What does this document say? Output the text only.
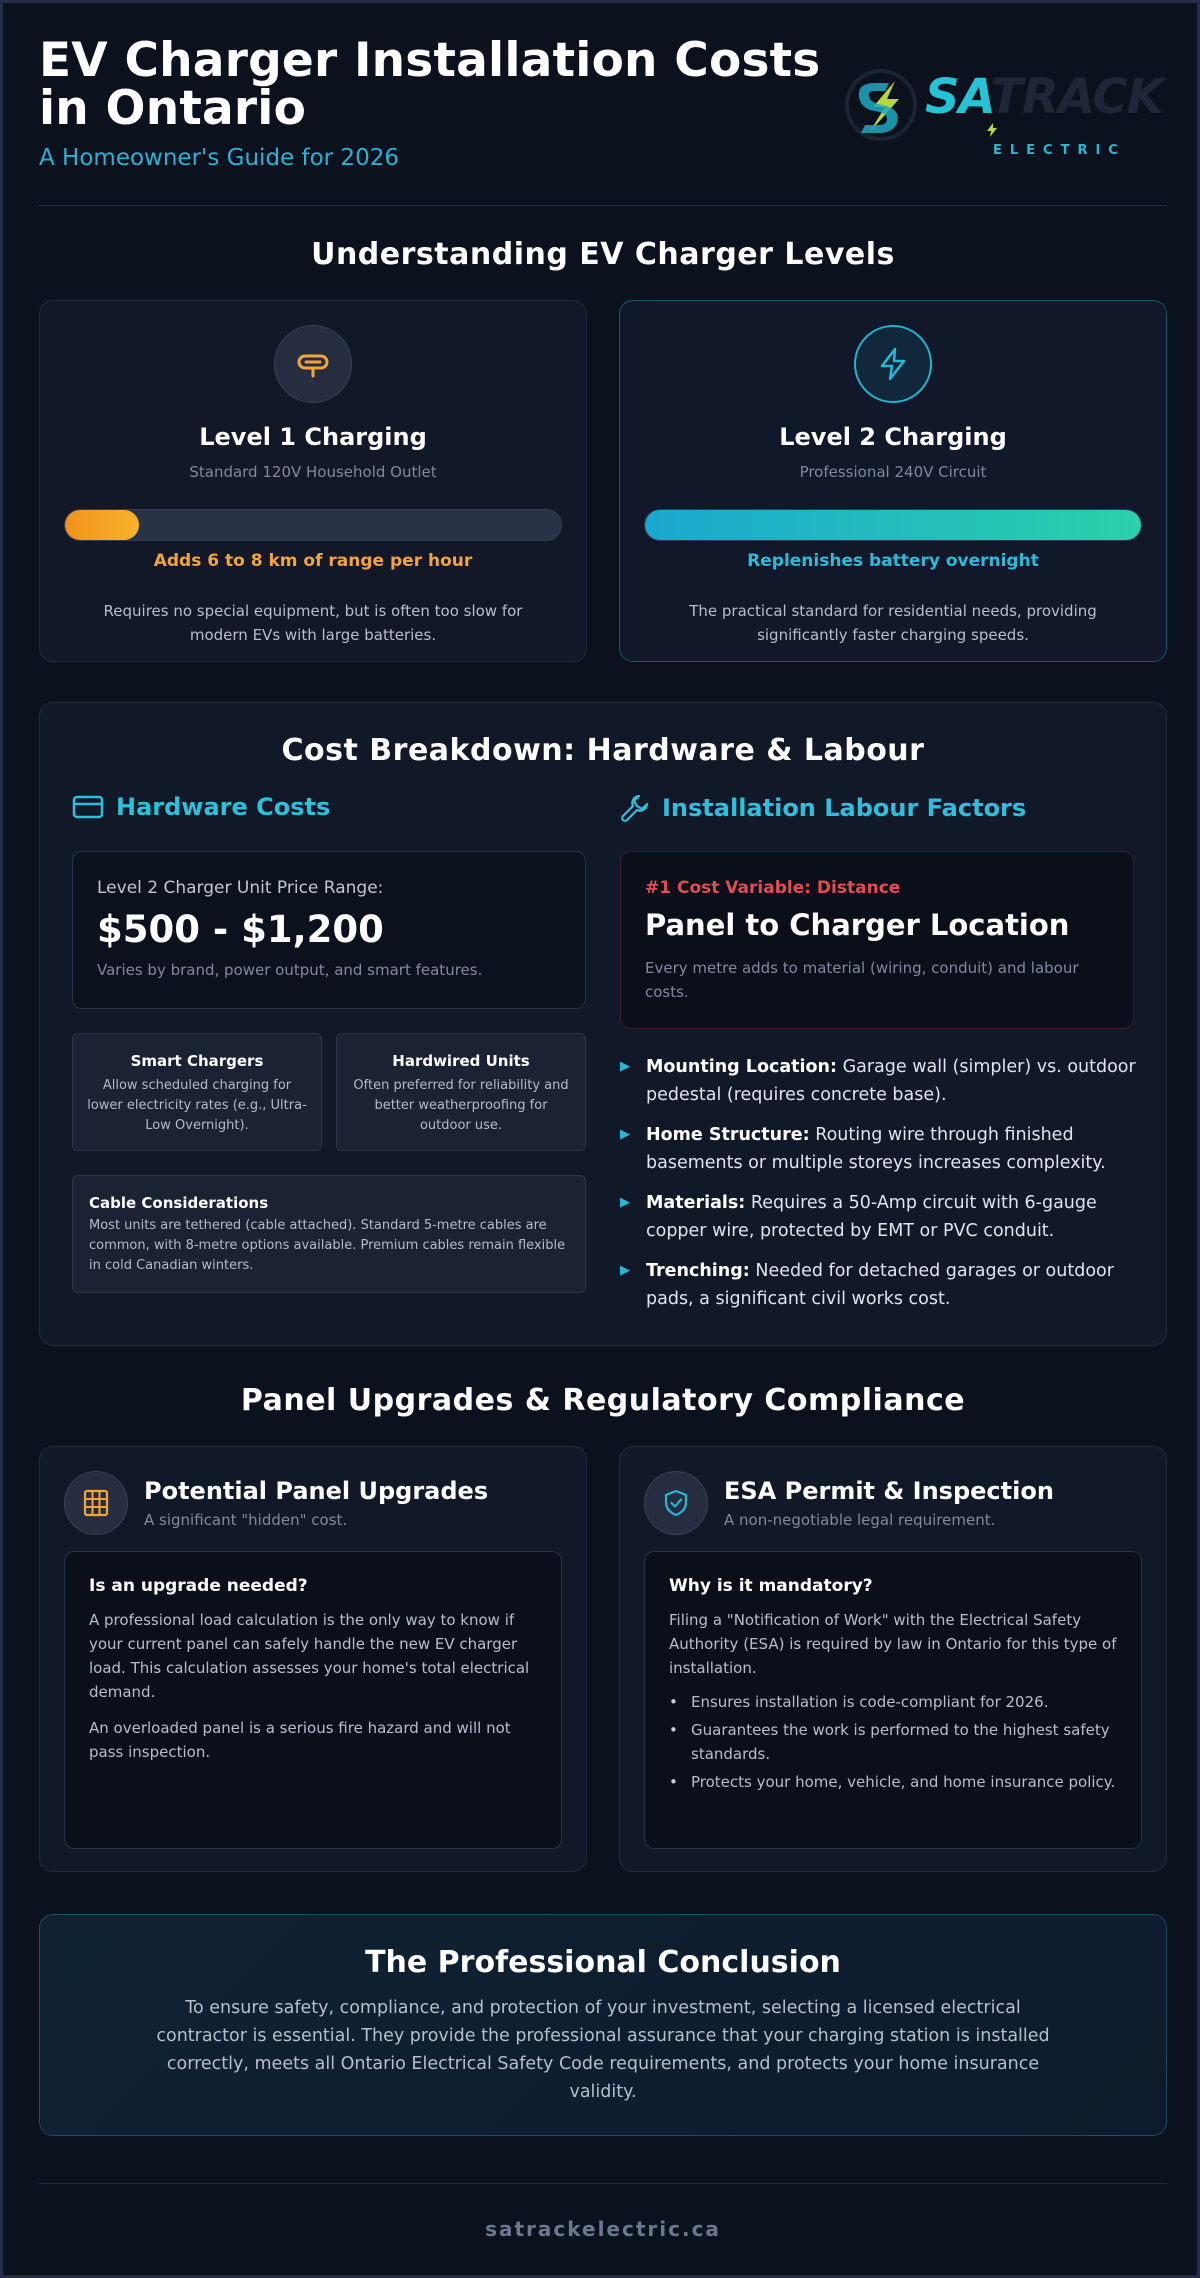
EV Charger Installation Costs in Ontario
A Homeowner's Guide for 2026
SATRACK
ELECTRIC
Understanding EV Charger Levels
Level 1 Charging
Standard 120V Household Outlet
Adds 6 to 8 km of range per hour
Requires no special equipment, but is often too slow for modern EVs with large batteries.
Level 2 Charging
Professional 240V Circuit
Replenishes battery overnight
The practical standard for residential needs, providing significantly faster charging speeds.
Cost Breakdown: Hardware & Labour
Hardware Costs
Level 2 Charger Unit Price Range:
$500 - $1,200
Varies by brand, power output, and smart features.
Smart Chargers
Allow scheduled charging for lower electricity rates (e.g., Ultra-Low Overnight).
Hardwired Units
Often preferred for reliability and better weatherproofing for outdoor use.
Cable Considerations
Most units are tethered (cable attached). Standard 5-metre cables are common, with 8-metre options available. Premium cables remain flexible in cold Canadian winters.
Installation Labour Factors
#1 Cost Variable: Distance
Panel to Charger Location
Every metre adds to material (wiring, conduit) and labour costs.
▶ Mounting Location: Garage wall (simpler) vs. outdoor pedestal (requires concrete base).
▶ Home Structure: Routing wire through finished basements or multiple storeys increases complexity.
▶ Materials: Requires a 50-Amp circuit with 6-gauge copper wire, protected by EMT or PVC conduit.
▶ Trenching: Needed for detached garages or outdoor pads, a significant civil works cost.
Panel Upgrades & Regulatory Compliance
Potential Panel Upgrades
A significant "hidden" cost.
Is an upgrade needed?
A professional load calculation is the only way to know if your current panel can safely handle the new EV charger load. This calculation assesses your home's total electrical demand.
An overloaded panel is a serious fire hazard and will not pass inspection.
ESA Permit & Inspection
A non-negotiable legal requirement.
Why is it mandatory?
Filing a "Notification of Work" with the Electrical Safety Authority (ESA) is required by law in Ontario for this type of installation.
• Ensures installation is code-compliant for 2026.
• Guarantees the work is performed to the highest safety standards.
• Protects your home, vehicle, and home insurance policy.
The Professional Conclusion
To ensure safety, compliance, and protection of your investment, selecting a licensed electrical contractor is essential. They provide the professional assurance that your charging station is installed correctly, meets all Ontario Electrical Safety Code requirements, and protects your home insurance validity.
satrackelectric.ca
